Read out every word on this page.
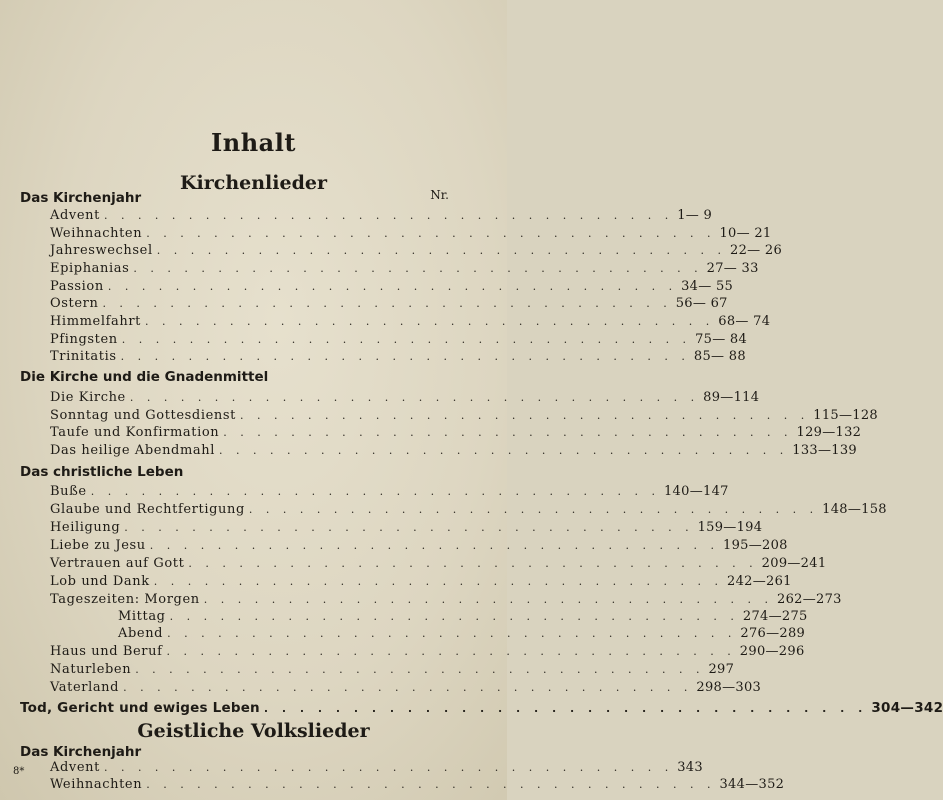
Inhalt
Kirchenlieder
Das Kirchenjahr	Nr.
Advent . . . . . . . . . . . . . . . . . . . . . . . . . . . . . . . . . . 1— 9
Weihnachten . . . . . . . . . . . . . . . . . . . . . . . . . . . . . . . . . . 10— 21
Jahreswechsel . . . . . . . . . . . . . . . . . . . . . . . . . . . . . . . . . . 22— 26
Epiphanias . . . . . . . . . . . . . . . . . . . . . . . . . . . . . . . . . . 27— 33
Passion . . . . . . . . . . . . . . . . . . . . . . . . . . . . . . . . . . 34— 55
Ostern . . . . . . . . . . . . . . . . . . . . . . . . . . . . . . . . . . 56— 67
Himmelfahrt . . . . . . . . . . . . . . . . . . . . . . . . . . . . . . . . . . 68— 74
Pfingsten . . . . . . . . . . . . . . . . . . . . . . . . . . . . . . . . . . 75— 84
Trinitatis . . . . . . . . . . . . . . . . . . . . . . . . . . . . . . . . . . 85— 88
Die Kirche und die Gnadenmittel
Die Kirche . . . . . . . . . . . . . . . . . . . . . . . . . . . . . . . . . . 89—114
Sonntag und Gottesdienst . . . . . . . . . . . . . . . . . . . . . . . . . . . . . . . . . . 115—128
Taufe und Konfirmation . . . . . . . . . . . . . . . . . . . . . . . . . . . . . . . . . . 129—132
Das heilige Abendmahl . . . . . . . . . . . . . . . . . . . . . . . . . . . . . . . . . . 133—139
Das christliche Leben
Buße . . . . . . . . . . . . . . . . . . . . . . . . . . . . . . . . . . 140—147
Glaube und Rechtfertigung . . . . . . . . . . . . . . . . . . . . . . . . . . . . . . . . . . 148—158
Heiligung . . . . . . . . . . . . . . . . . . . . . . . . . . . . . . . . . . 159—194
Liebe zu Jesu . . . . . . . . . . . . . . . . . . . . . . . . . . . . . . . . . . 195—208
Vertrauen auf Gott . . . . . . . . . . . . . . . . . . . . . . . . . . . . . . . . . . 209—241
Lob und Dank . . . . . . . . . . . . . . . . . . . . . . . . . . . . . . . . . . 242—261
Tageszeiten: Morgen . . . . . . . . . . . . . . . . . . . . . . . . . . . . . . . . . . 262—273
Mittag . . . . . . . . . . . . . . . . . . . . . . . . . . . . . . . . . . 274—275
Abend . . . . . . . . . . . . . . . . . . . . . . . . . . . . . . . . . . 276—289
Haus und Beruf . . . . . . . . . . . . . . . . . . . . . . . . . . . . . . . . . . 290—296
Naturleben . . . . . . . . . . . . . . . . . . . . . . . . . . . . . . . . . . 297
Vaterland . . . . . . . . . . . . . . . . . . . . . . . . . . . . . . . . . . 298—303
Tod, Gericht und ewiges Leben . . . . . . . . . . . . . . . . . . . . . . . . . . . . . . . . . . 304—342
Geistliche Volkslieder
Das Kirchenjahr
Advent . . . . . . . . . . . . . . . . . . . . . . . . . . . . . . . . . . 343
Weihnachten . . . . . . . . . . . . . . . . . . . . . . . . . . . . . . . . . . 344—352
8*
